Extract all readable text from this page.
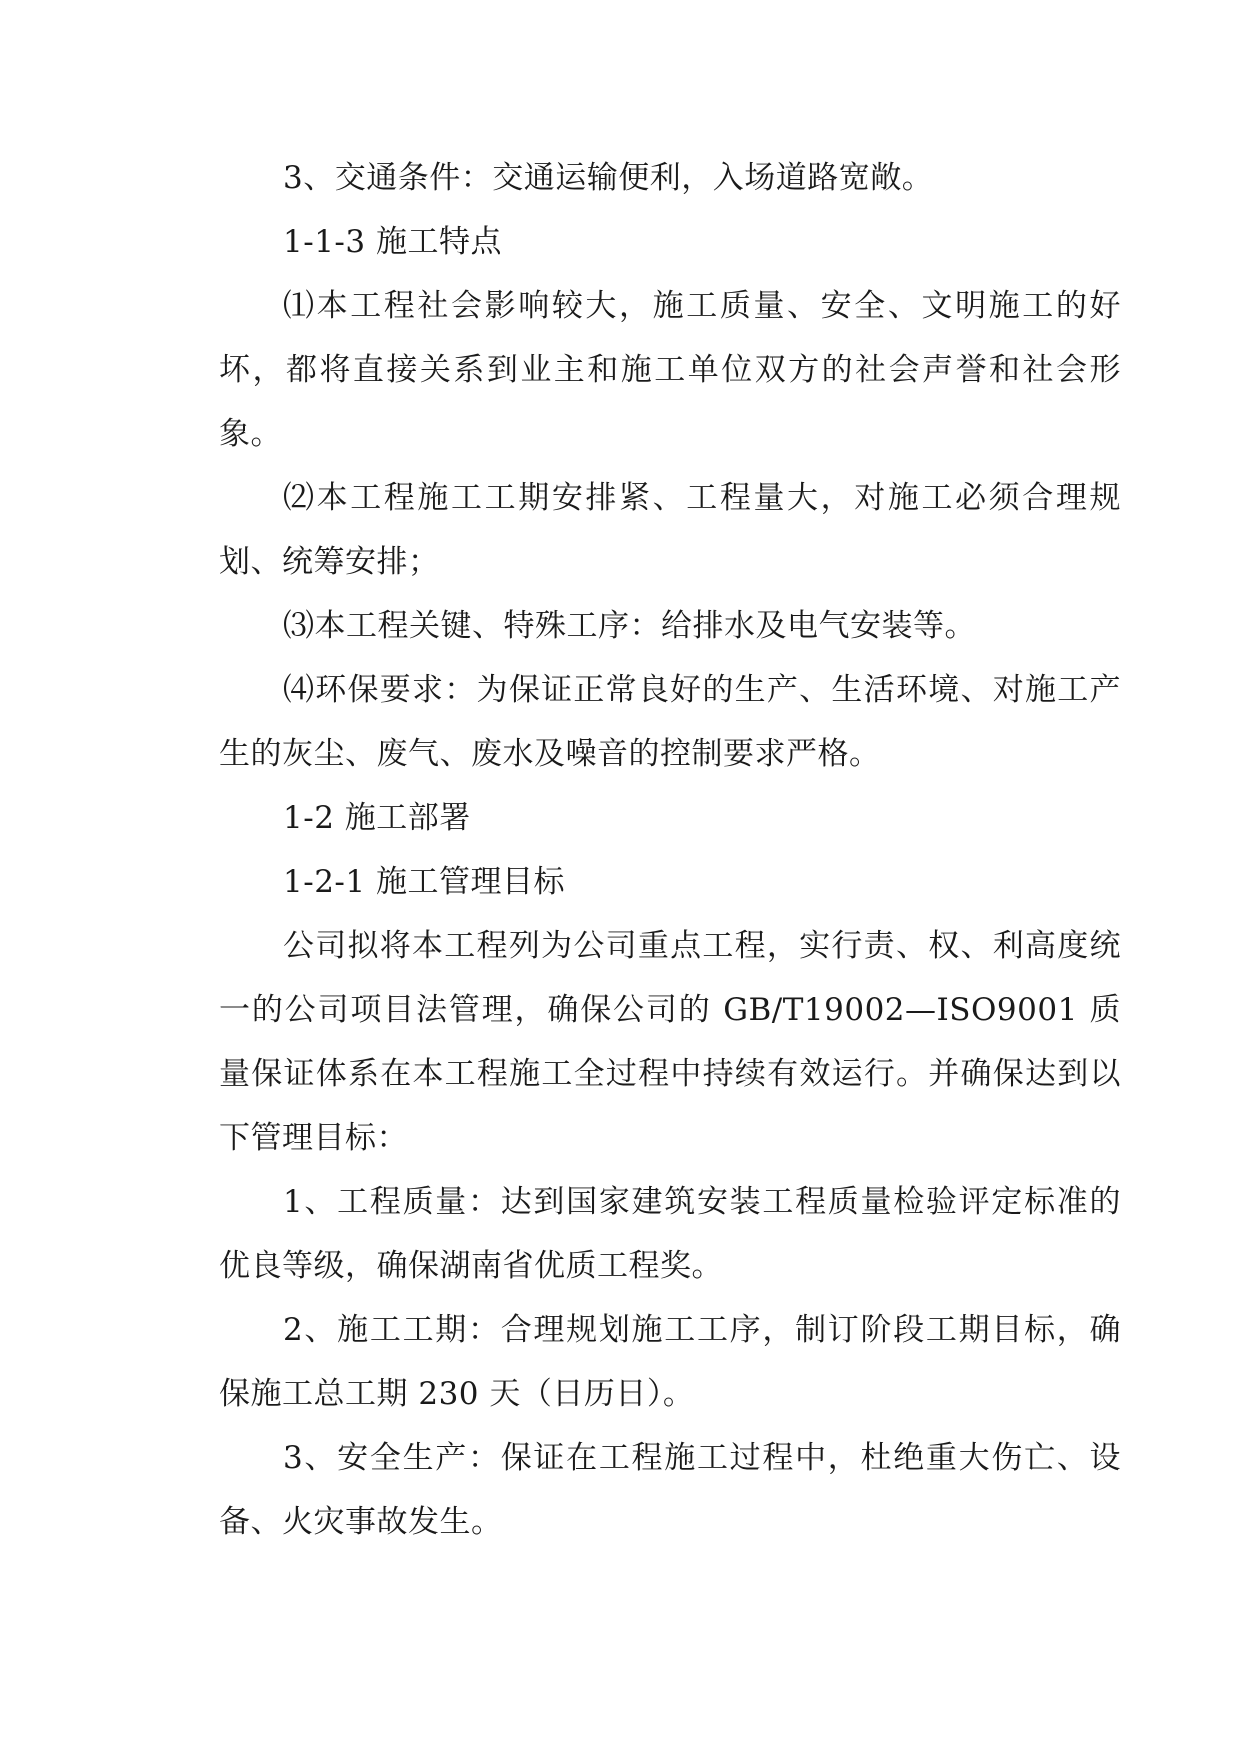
3、交通条件：交通运输便利，入场道路宽敞。

1-1-3 施工特点

⑴本工程社会影响较大，施工质量、安全、文明施工的好坏，都将直接关系到业主和施工单位双方的社会声誉和社会形象。

⑵本工程施工工期安排紧、工程量大，对施工必须合理规划、统筹安排；

⑶本工程关键、特殊工序：给排水及电气安装等。

⑷环保要求：为保证正常良好的生产、生活环境、对施工产生的灰尘、废气、废水及噪音的控制要求严格。

1-2 施工部署

1-2-1 施工管理目标

公司拟将本工程列为公司重点工程，实行责、权、利高度统一的公司项目法管理，确保公司的 GB/T19002—ISO9001 质量保证体系在本工程施工全过程中持续有效运行。并确保达到以下管理目标：

1、工程质量：达到国家建筑安装工程质量检验评定标准的优良等级，确保湖南省优质工程奖。

2、施工工期：合理规划施工工序，制订阶段工期目标，确保施工总工期 230 天（日历日）。

3、安全生产：保证在工程施工过程中，杜绝重大伤亡、设备、火灾事故发生。
